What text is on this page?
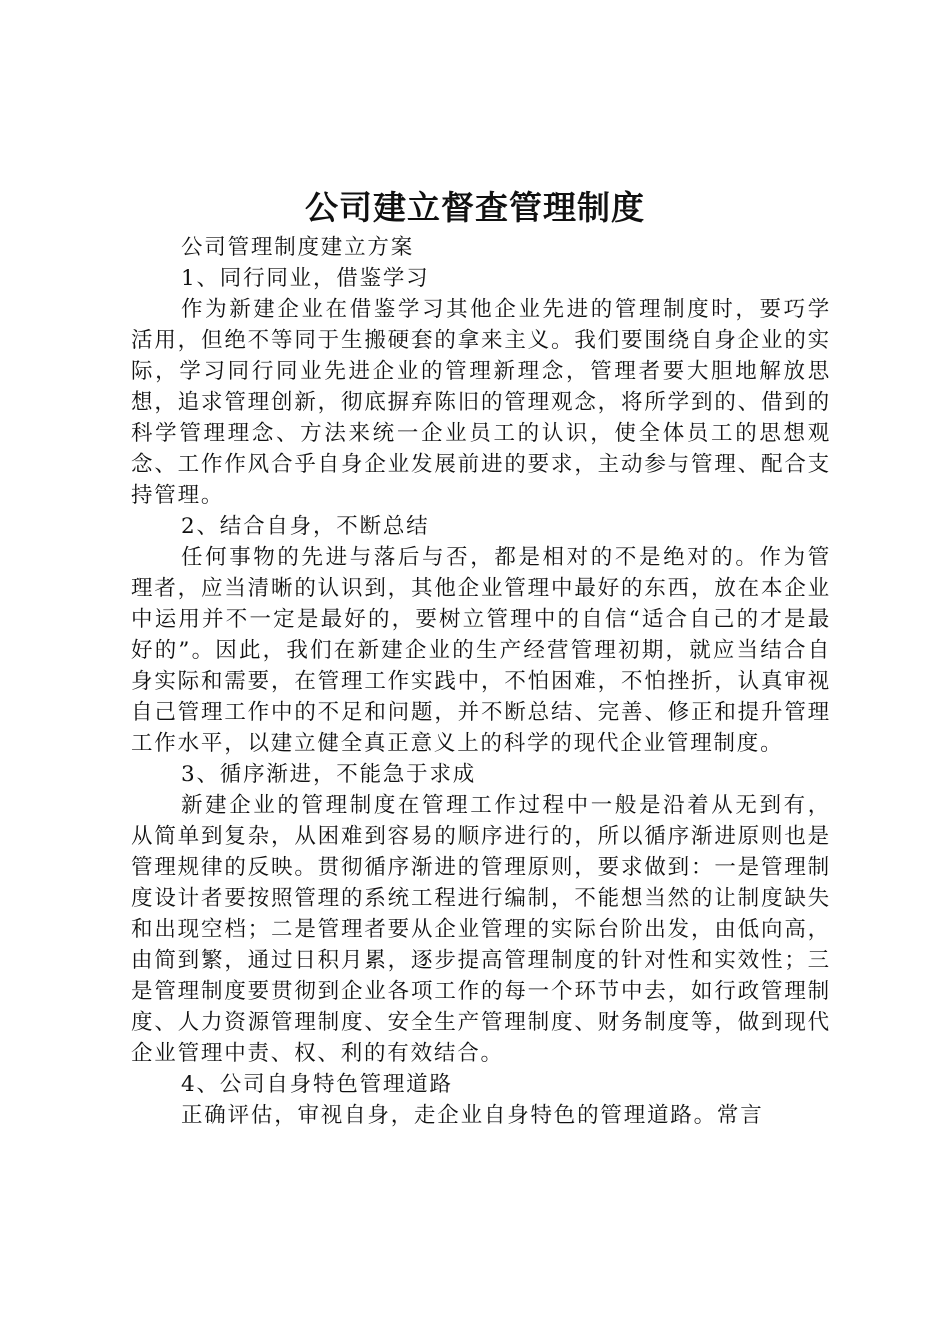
公司建立督查管理制度

公司管理制度建立方案

1、同行同业，借鉴学习

作为新建企业在借鉴学习其他企业先进的管理制度时，要巧学活用，但绝不等同于生搬硬套的拿来主义。我们要围绕自身企业的实际，学习同行同业先进企业的管理新理念，管理者要大胆地解放思想，追求管理创新，彻底摒弃陈旧的管理观念，将所学到的、借到的科学管理理念、方法来统一企业员工的认识，使全体员工的思想观念、工作作风合乎自身企业发展前进的要求，主动参与管理、配合支持管理。

2、结合自身，不断总结

任何事物的先进与落后与否，都是相对的不是绝对的。作为管理者，应当清晰的认识到，其他企业管理中最好的东西，放在本企业中运用并不一定是最好的，要树立管理中的自信“适合自己的才是最好的”。因此，我们在新建企业的生产经营管理初期，就应当结合自身实际和需要，在管理工作实践中，不怕困难，不怕挫折，认真审视自己管理工作中的不足和问题，并不断总结、完善、修正和提升管理工作水平，以建立健全真正意义上的科学的现代企业管理制度。

3、循序渐进，不能急于求成

新建企业的管理制度在管理工作过程中一般是沿着从无到有，从简单到复杂，从困难到容易的顺序进行的，所以循序渐进原则也是管理规律的反映。贯彻循序渐进的管理原则，要求做到：一是管理制度设计者要按照管理的系统工程进行编制，不能想当然的让制度缺失和出现空档；二是管理者要从企业管理的实际台阶出发，由低向高，由简到繁，通过日积月累，逐步提高管理制度的针对性和实效性；三是管理制度要贯彻到企业各项工作的每一个环节中去，如行政管理制度、人力资源管理制度、安全生产管理制度、财务制度等，做到现代企业管理中责、权、利的有效结合。

4、公司自身特色管理道路

正确评估，审视自身，走企业自身特色的管理道路。常言
